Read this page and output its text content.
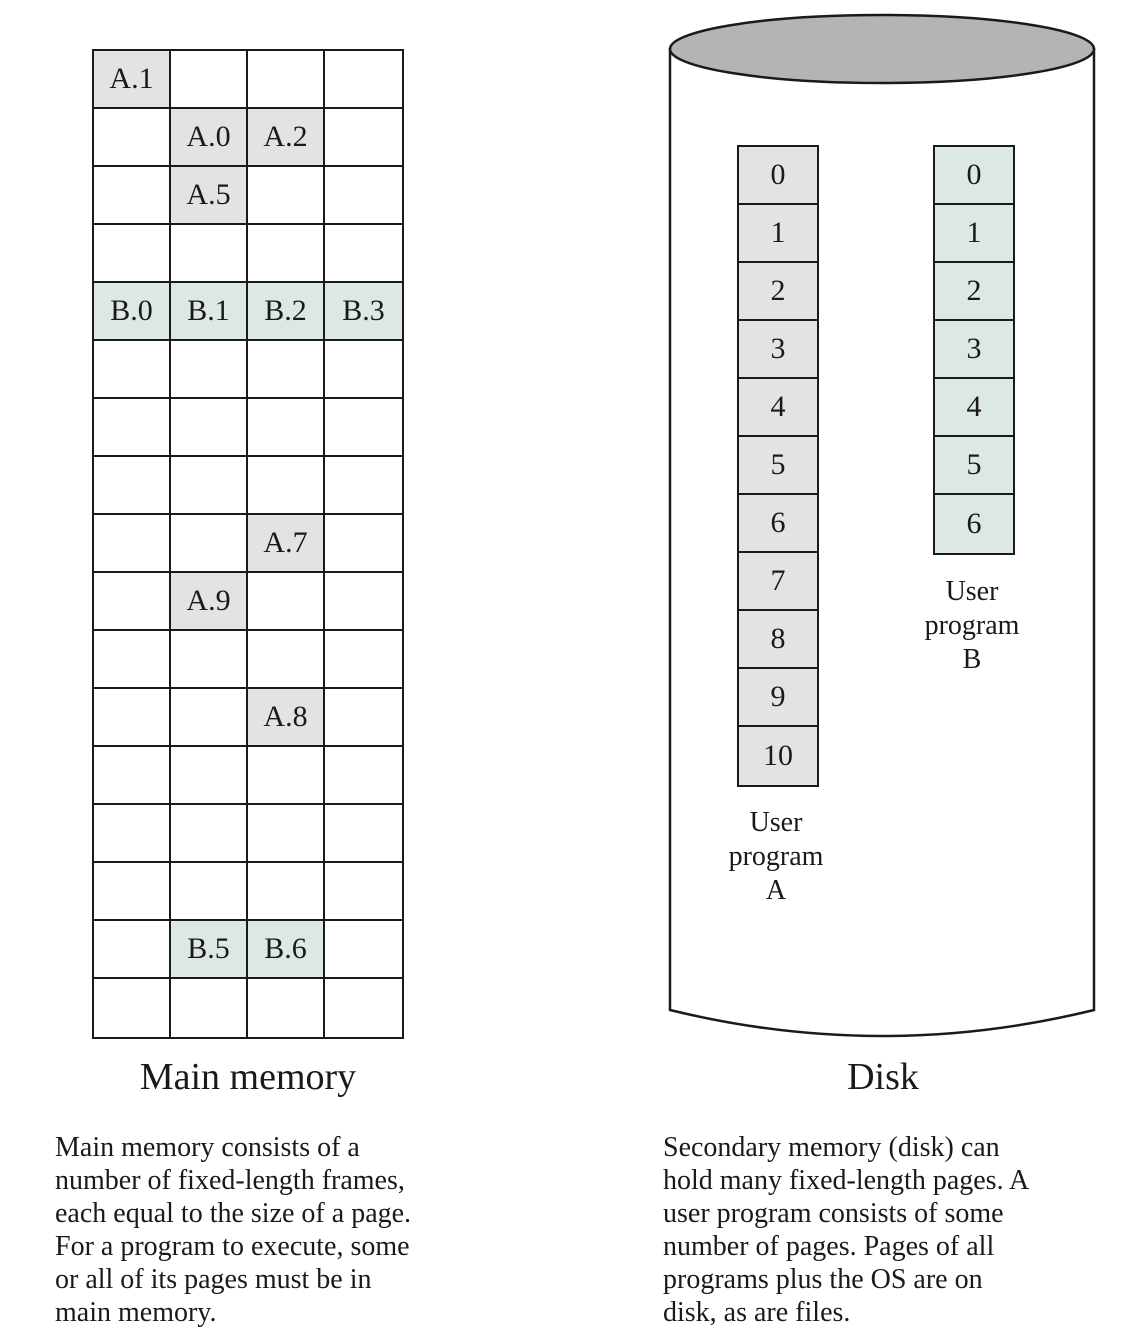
A.1
A.0 A.2
A.5
B.0 B.1 B.2 B.3
A.7
A.9
A.8
B.5 B.6
Main memory
Main memory consists of a
number of fixed-length frames,
each equal to the size of a page.
For a program to execute, some
or all of its pages must be in
main memory.
0
1
2
3
4
5
6
7
8
9
10
0
1
2
3
4
5
6
User
program
A
User
program
B
Disk
Secondary memory (disk) can
hold many fixed-length pages. A
user program consists of some
number of pages. Pages of all
programs plus the OS are on
disk, as are files.
